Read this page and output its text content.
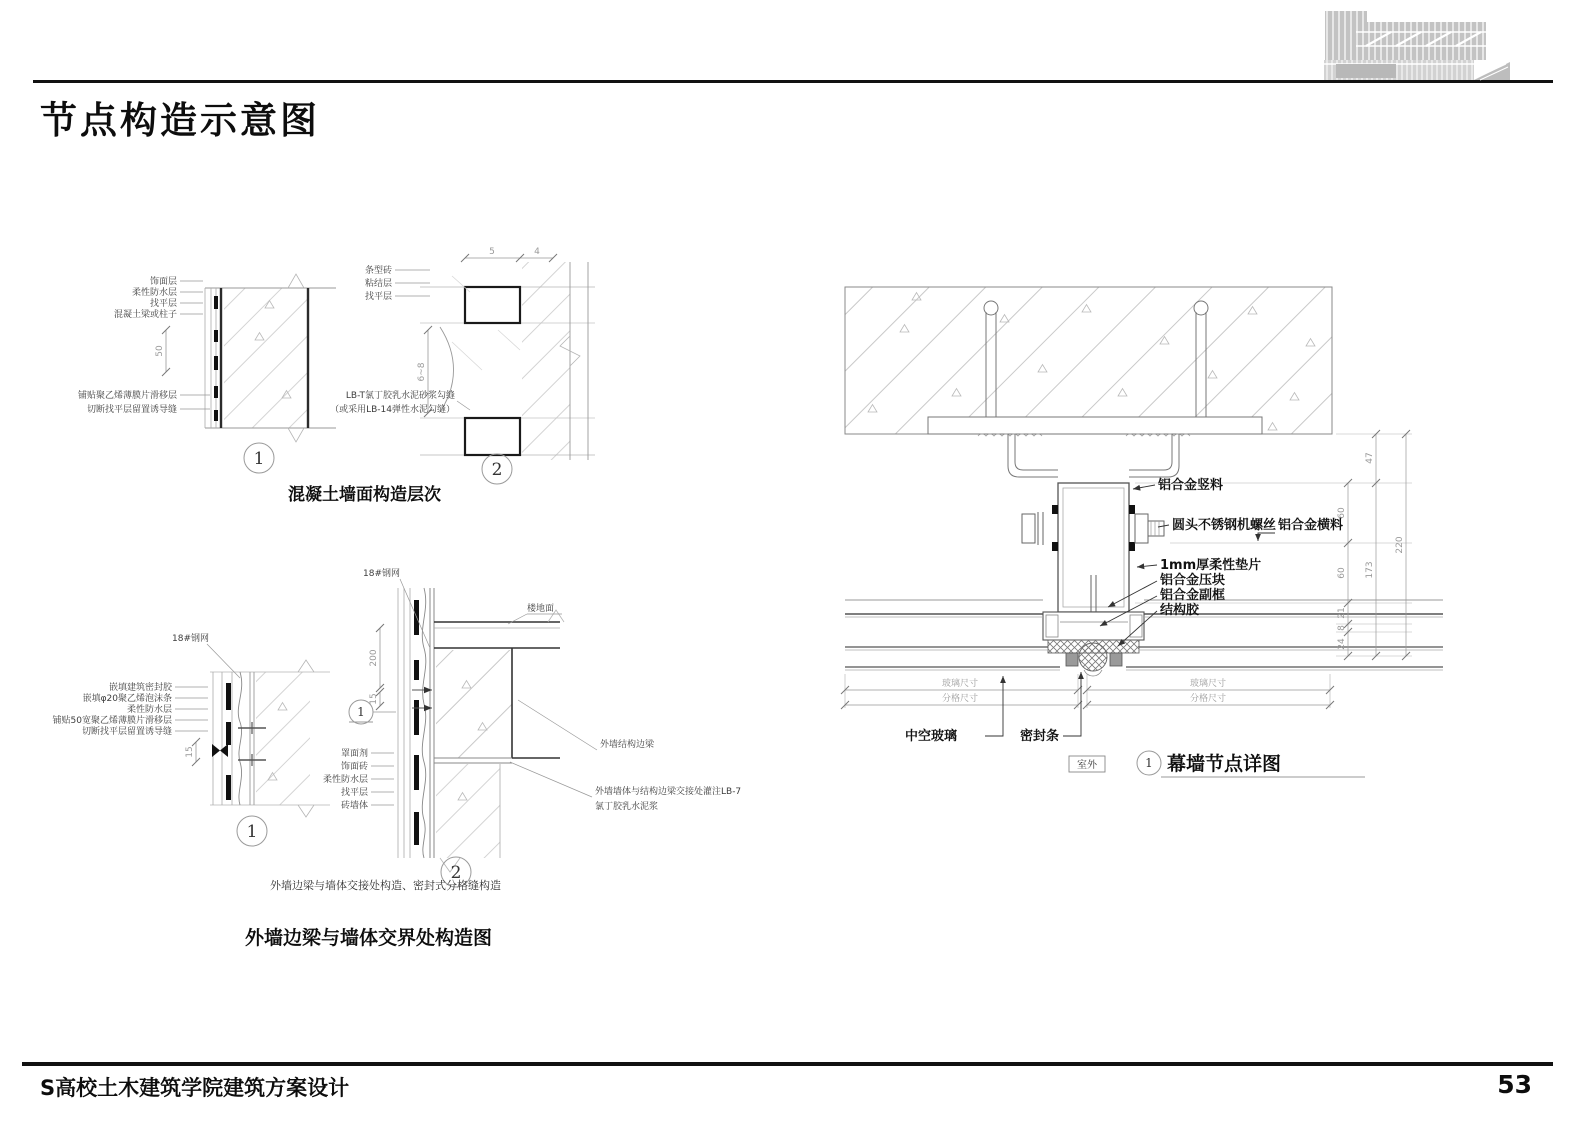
节点构造示意图
饰面层
柔性防水层
找平层
混凝土梁或柱子
铺贴聚乙烯薄膜片滑移层
切断找平层留置诱导缝
50
1
5	4
6~8
条型砖
粘结层
找平层
LB-T氯丁胶乳水泥砂浆勾缝
（或采用LB-14弹性水泥勾缝）
2
混凝土墙面构造层次
18#钢网
嵌填建筑密封胶
嵌填φ20聚乙烯泡沫条
柔性防水层
铺贴50宽聚乙烯薄膜片滑移层
切断找平层留置诱导缝
15
1
18#钢网
楼地面
200
15
1
罩面剂
饰面砖
柔性防水层
找平层
砖墙体
外墙结构边梁
外墙墙体与结构边梁交接处灌注LB-7
氯丁胶乳水泥浆
2
外墙边梁与墙体交接处构造、密封式分格缝构造
外墙边梁与墙体交界处构造图
玻璃尺寸	玻璃尺寸
分格尺寸	分格尺寸
60
60
21
8
24
47
173
220
铝合金竖料
圆头不锈钢机螺丝 铝合金横料
1mm厚柔性垫片
铝合金压块
铝合金副框
结构胶
中空玻璃	密封条
室外	1 幕墙节点详图
S高校土木建筑学院建筑方案设计	53
